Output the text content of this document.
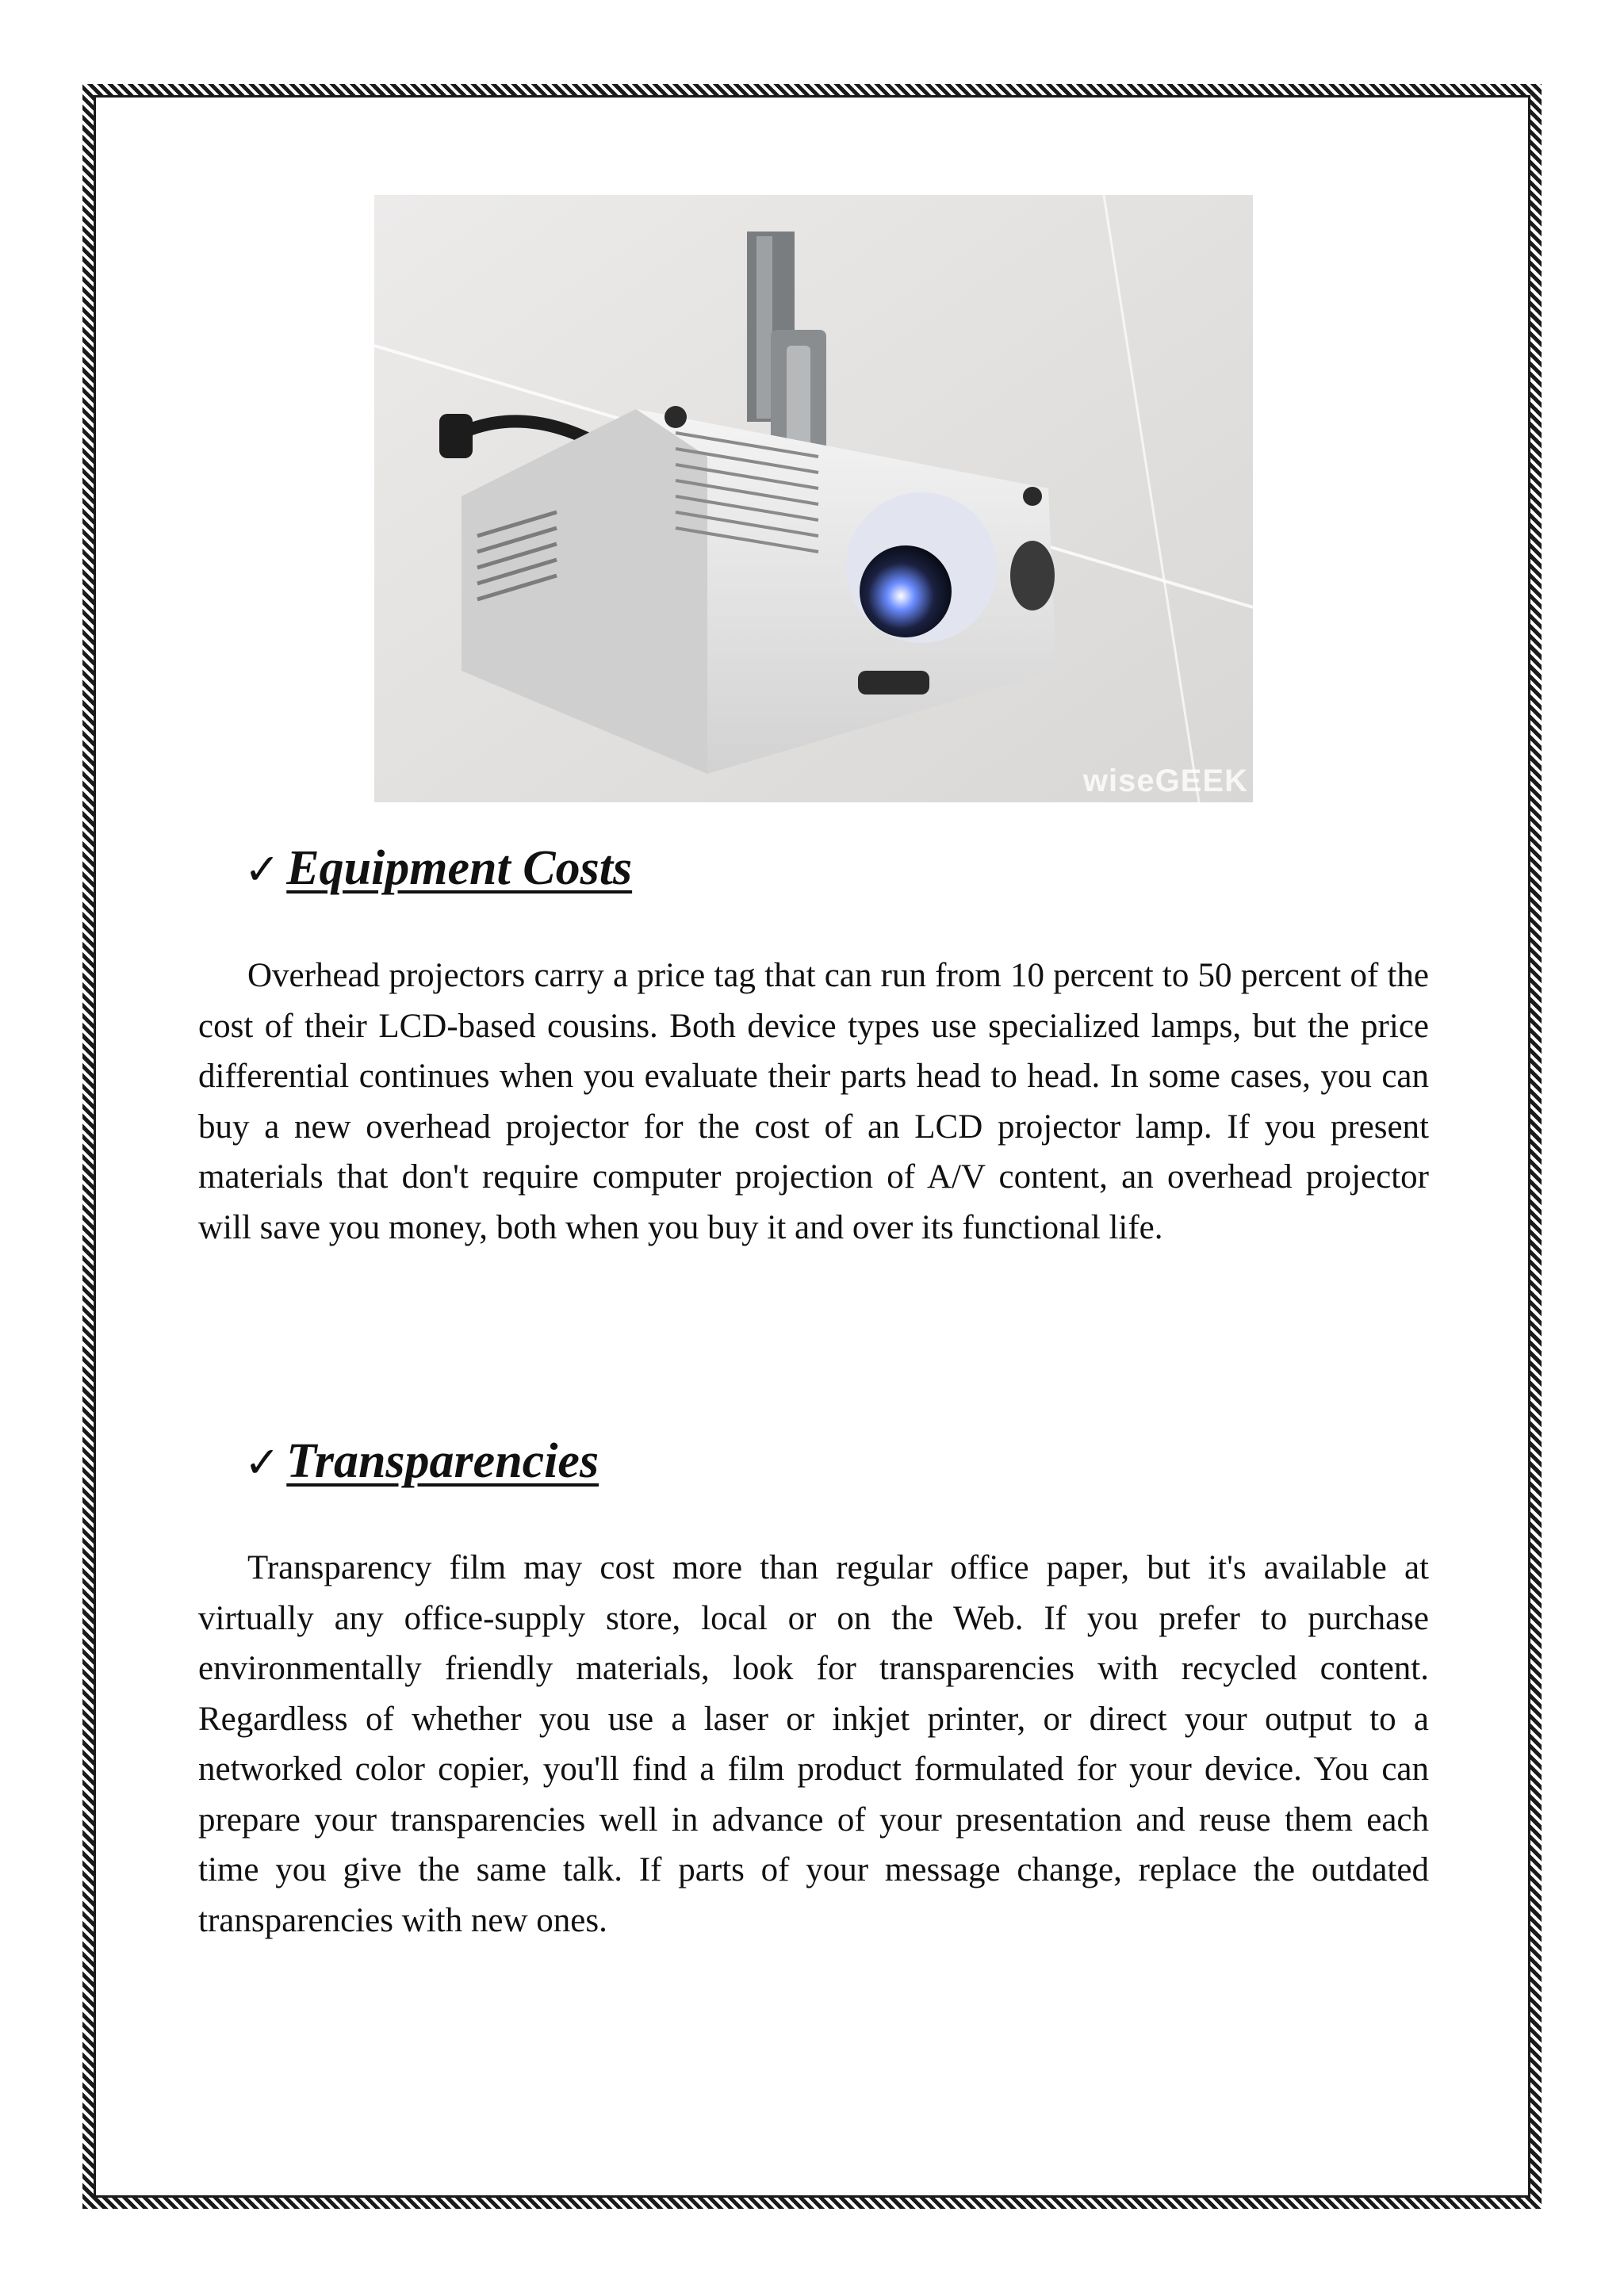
wiseGEEK
✓ Equipment Costs

Overhead projectors carry a price tag that can run from 10 percent to 50 percent of the cost of their LCD-based cousins. Both device types use specialized lamps, but the price differential continues when you evaluate their parts head to head. In some cases, you can buy a new overhead projector for the cost of an LCD projector lamp. If you present materials that don't require computer projection of A/V content, an overhead projector will save you money, both when you buy it and over its functional life.

✓ Transparencies

Transparency film may cost more than regular office paper, but it's available at virtually any office-supply store, local or on the Web. If you prefer to purchase environmentally friendly materials, look for transparencies with recycled content. Regardless of whether you use a laser or inkjet printer, or direct your output to a networked color copier, you'll find a film product formulated for your device. You can prepare your transparencies well in advance of your presentation and reuse them each time you give the same talk. If parts of your message change, replace the outdated transparencies with new ones.
